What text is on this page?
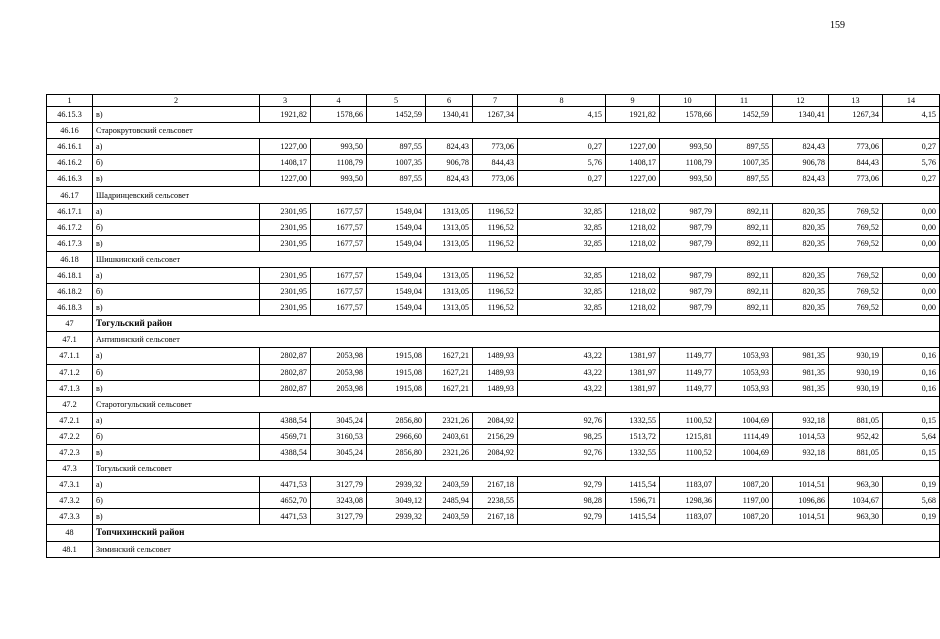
159
1	2	3	4	5	6	7	8	9	10	11	12	13	14
46.15.3	в)	1921,82	1578,66	1452,59	1340,41	1267,34	4,15	1921,82	1578,66	1452,59	1340,41	1267,34	4,15
46.16	Старокрутовский сельсовет												
46.16.1	а)	1227,00	993,50	897,55	824,43	773,06	0,27	1227,00	993,50	897,55	824,43	773,06	0,27
46.16.2	б)	1408,17	1108,79	1007,35	906,78	844,43	5,76	1408,17	1108,79	1007,35	906,78	844,43	5,76
46.16.3	в)	1227,00	993,50	897,55	824,43	773,06	0,27	1227,00	993,50	897,55	824,43	773,06	0,27
46.17	Шадринцевский сельсовет												
46.17.1	а)	2301,95	1677,57	1549,04	1313,05	1196,52	32,85	1218,02	987,79	892,11	820,35	769,52	0,00
46.17.2	б)	2301,95	1677,57	1549,04	1313,05	1196,52	32,85	1218,02	987,79	892,11	820,35	769,52	0,00
46.17.3	в)	2301,95	1677,57	1549,04	1313,05	1196,52	32,85	1218,02	987,79	892,11	820,35	769,52	0,00
46.18	Шишкинский сельсовет												
46.18.1	а)	2301,95	1677,57	1549,04	1313,05	1196,52	32,85	1218,02	987,79	892,11	820,35	769,52	0,00
46.18.2	б)	2301,95	1677,57	1549,04	1313,05	1196,52	32,85	1218,02	987,79	892,11	820,35	769,52	0,00
46.18.3	в)	2301,95	1677,57	1549,04	1313,05	1196,52	32,85	1218,02	987,79	892,11	820,35	769,52	0,00
47	Тогульский район												
47.1	Антипинский сельсовет												
47.1.1	а)	2802,87	2053,98	1915,08	1627,21	1489,93	43,22	1381,97	1149,77	1053,93	981,35	930,19	0,16
47.1.2	б)	2802,87	2053,98	1915,08	1627,21	1489,93	43,22	1381,97	1149,77	1053,93	981,35	930,19	0,16
47.1.3	в)	2802,87	2053,98	1915,08	1627,21	1489,93	43,22	1381,97	1149,77	1053,93	981,35	930,19	0,16
47.2	Старотогульский сельсовет												
47.2.1	а)	4388,54	3045,24	2856,80	2321,26	2084,92	92,76	1332,55	1100,52	1004,69	932,18	881,05	0,15
47.2.2	б)	4569,71	3160,53	2966,60	2403,61	2156,29	98,25	1513,72	1215,81	1114,49	1014,53	952,42	5,64
47.2.3	в)	4388,54	3045,24	2856,80	2321,26	2084,92	92,76	1332,55	1100,52	1004,69	932,18	881,05	0,15
47.3	Тогульский сельсовет												
47.3.1	а)	4471,53	3127,79	2939,32	2403,59	2167,18	92,79	1415,54	1183,07	1087,20	1014,51	963,30	0,19
47.3.2	б)	4652,70	3243,08	3049,12	2485,94	2238,55	98,28	1596,71	1298,36	1197,00	1096,86	1034,67	5,68
47.3.3	в)	4471,53	3127,79	2939,32	2403,59	2167,18	92,79	1415,54	1183,07	1087,20	1014,51	963,30	0,19
48	Топчихинский район												
48.1	Зиминский сельсовет												
